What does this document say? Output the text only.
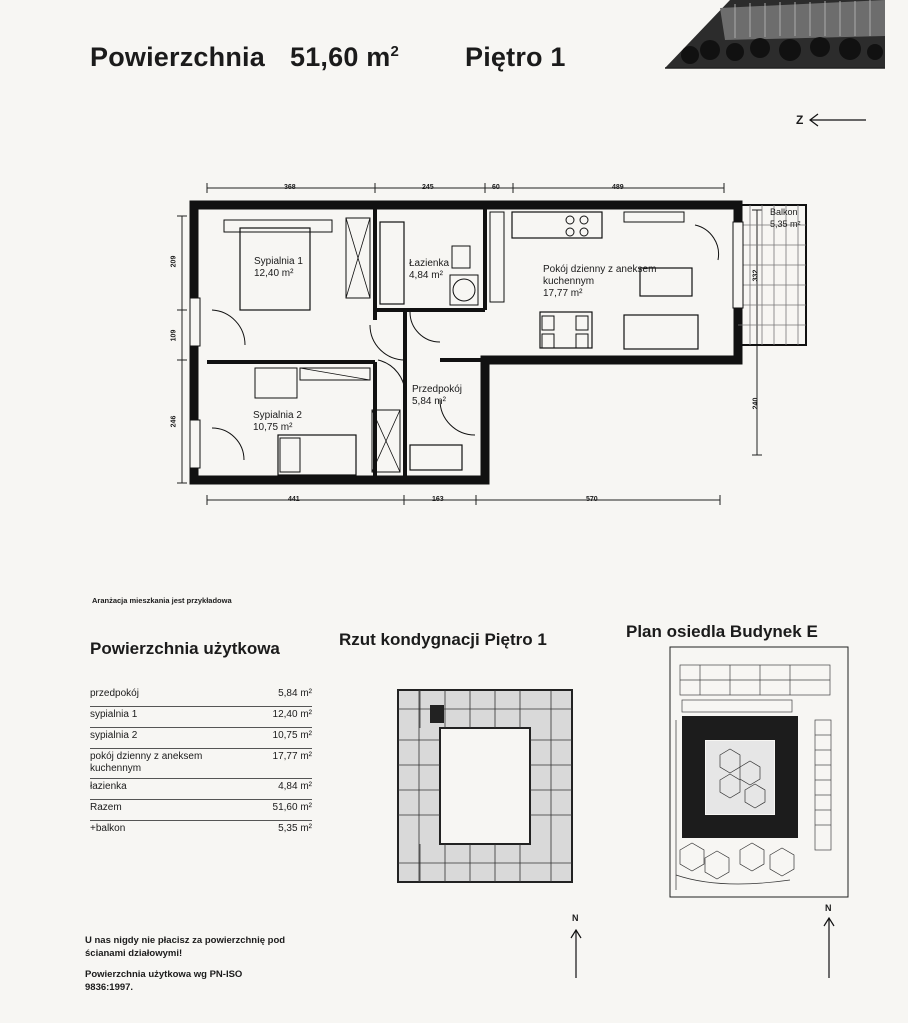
Powierzchnia 51,60 $m^2$ Piętro 1
Z
368	245	60	489
441	163	570
209
109
246
332
240
Sypialnia 1
12,40 m²
Łazienka
4,84 m²
Pokój dzienny z aneksem kuchennym
17,77 m²
Balkon
5,35 m²
Przedpokój
5,84 m²
Sypialnia 2
10,75 m²
Aranżacja mieszkania jest przykładowa
Powierzchnia użytkowa
przedpokój	5,84 m²
sypialnia 1	12,40 m²
sypialnia 2	10,75 m²
pokój dzienny z aneksem kuchennym
17,77 m²
łazienka	4,84 m²
Razem	51,60 m²
+balkon	5,35 m²
U nas nigdy nie płacisz za powierzchnię pod ścianami działowymi!
Powierzchnia użytkowa wg PN-ISO 9836:1997.
Rzut kondygnacji Piętro 1
N
N
Plan osiedla Budynek E
